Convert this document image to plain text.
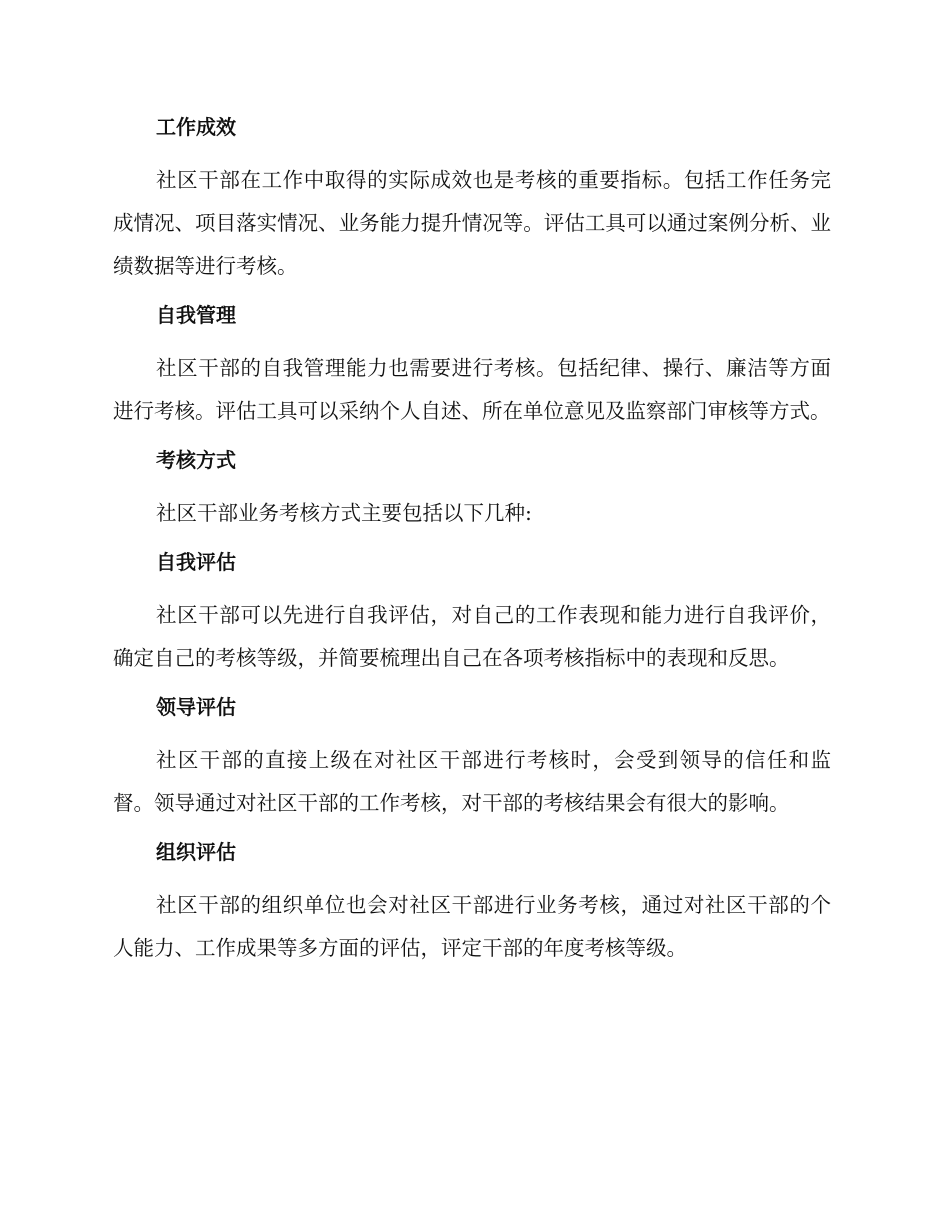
工作成效

社区干部在工作中取得的实际成效也是考核的重要指标。包括工作任务完成情况、项目落实情况、业务能力提升情况等。评估工具可以通过案例分析、业绩数据等进行考核。

自我管理

社区干部的自我管理能力也需要进行考核。包括纪律、操行、廉洁等方面进行考核。评估工具可以采纳个人自述、所在单位意见及监察部门审核等方式。

考核方式

社区干部业务考核方式主要包括以下几种:

自我评估

社区干部可以先进行自我评估，对自己的工作表现和能力进行自我评价，确定自己的考核等级，并简要梳理出自己在各项考核指标中的表现和反思。

领导评估

社区干部的直接上级在对社区干部进行考核时，会受到领导的信任和监督。领导通过对社区干部的工作考核，对干部的考核结果会有很大的影响。

组织评估

社区干部的组织单位也会对社区干部进行业务考核，通过对社区干部的个人能力、工作成果等多方面的评估，评定干部的年度考核等级。
